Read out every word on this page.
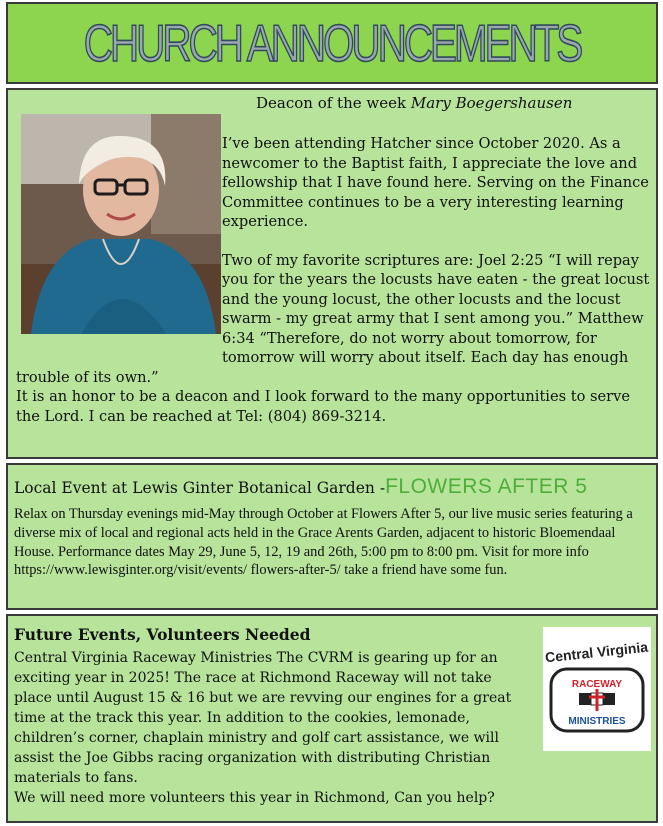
CHURCH ANNOUNCEMENTS
Deacon of the week Mary Boegershausen

I’ve been attending Hatcher since October 2020. As a newcomer to the Baptist faith, I appreciate the love and fellowship that I have found here. Serving on the Finance Committee continues to be a very interesting learning experience.

Two of my favorite scriptures are: Joel 2:25 “I will repay you for the years the locusts have eaten - the great locust and the young locust, the other locusts and the locust swarm - my great army that I sent among you.” Matthew 6:34 “Therefore, do not worry about tomorrow, for tomorrow will worry about itself. Each day has enough trouble of its own.”

It is an honor to be a deacon and I look forward to the many opportunities to serve the Lord. I can be reached at Tel: (804) 869-3214.

Local Event at Lewis Ginter Botanical Garden -FLOWERS AFTER 5
Relax on Thursday evenings mid-May through October at Flowers After 5, our live music series featuring a diverse mix of local and regional acts held in the Grace Arents Garden, adjacent to historic Bloemendaal House. Performance dates May 29, June 5, 12, 19 and 26th, 5:00 pm to 8:00 pm. Visit for more info https://www.lewisginter.org/visit/events/ flowers-after-5/ take a friend have some fun.
Future Events, Volunteers Needed
Central Virginia Raceway Ministries The CVRM is gearing up for an exciting year in 2025! The race at Richmond Raceway will not take place until August 15 & 16 but we are revving our engines for a great time at the track this year. In addition to the cookies, lemonade, children’s corner, chaplain ministry and golf cart assistance, we will assist the Joe Gibbs racing organization with distributing Christian materials to fans.
We will need more volunteers this year in Richmond, Can you help?
Central Virginia
RACEWAY
MINISTRIES
